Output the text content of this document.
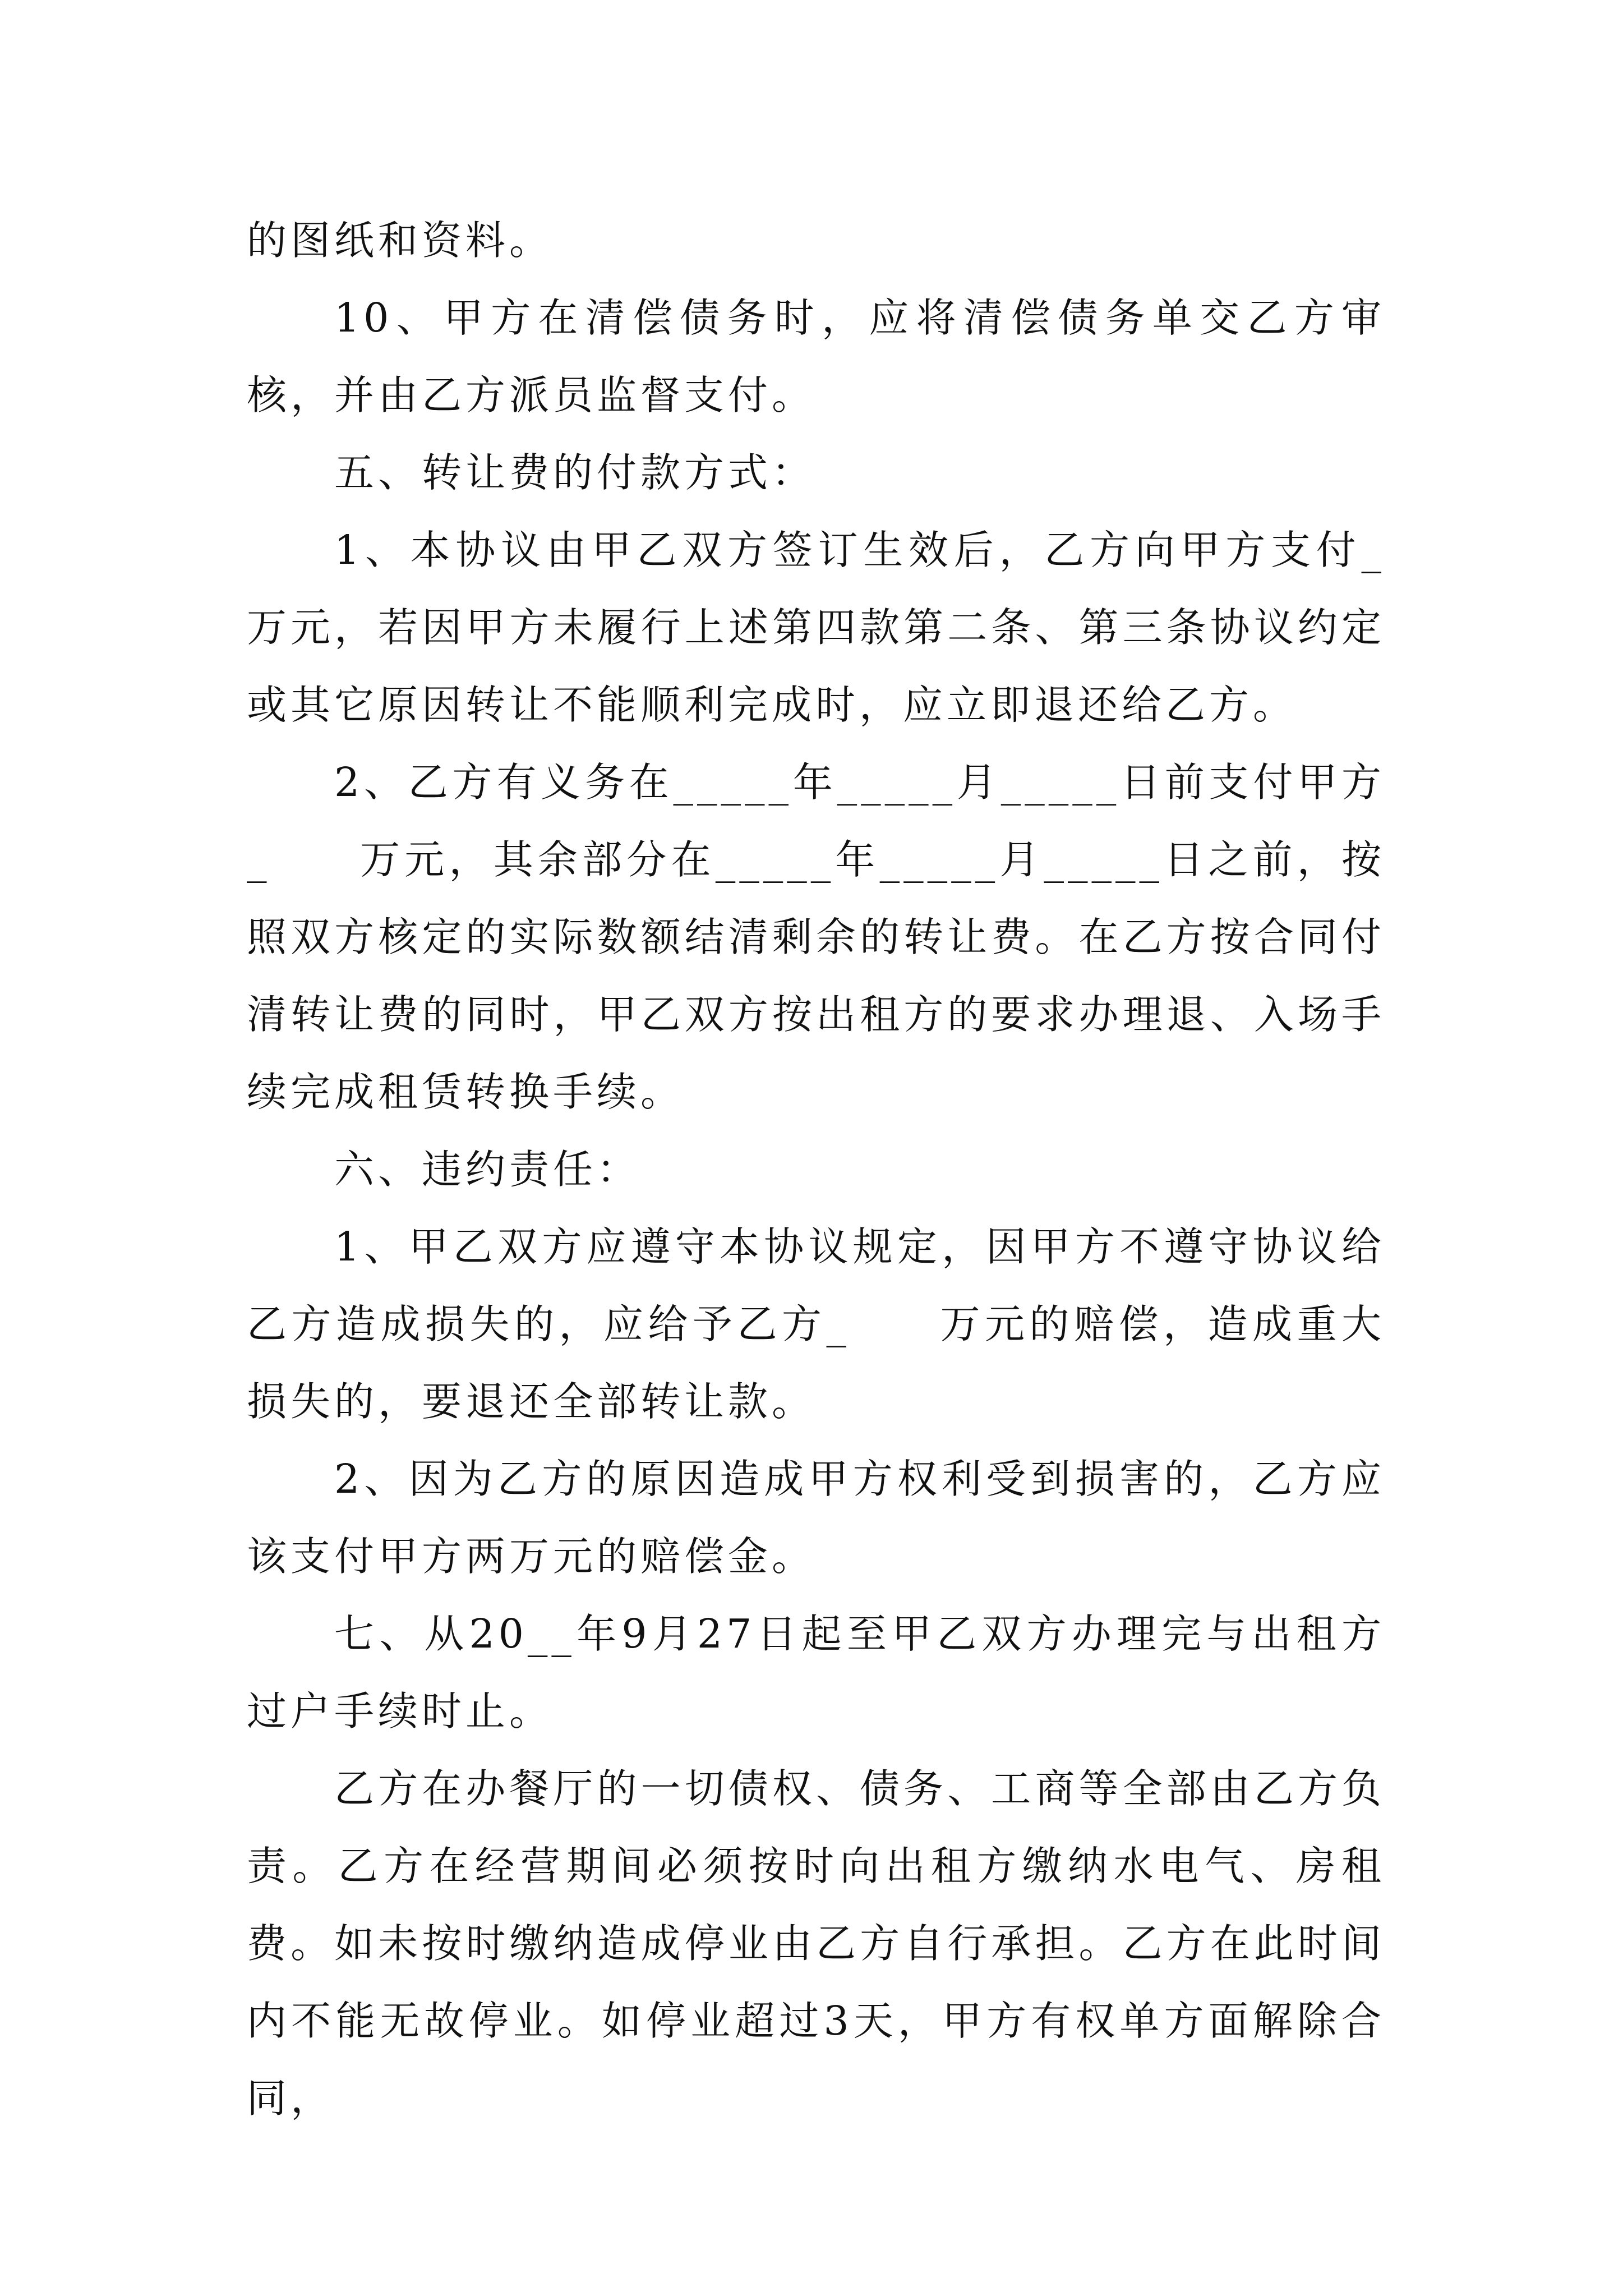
的图纸和资料。

10、甲方在清偿债务时，应将清偿债务单交乙方审核，并由乙方派员监督支付。

五、转让费的付款方式：

1、本协议由甲乙双方签订生效后，乙方向甲方支付_万元，若因甲方未履行上述第四款第二条、第三条协议约定或其它原因转让不能顺利完成时，应立即退还给乙方。

2、乙方有义务在_____年_____月_____日前支付甲方_　　万元，其余部分在_____年_____月_____日之前，按照双方核定的实际数额结清剩余的转让费。在乙方按合同付清转让费的同时，甲乙双方按出租方的要求办理退、入场手续完成租赁转换手续。

六、违约责任：

1、甲乙双方应遵守本协议规定，因甲方不遵守协议给乙方造成损失的，应给予乙方_　　万元的赔偿，造成重大损失的，要退还全部转让款。

2、因为乙方的原因造成甲方权利受到损害的，乙方应该支付甲方两万元的赔偿金。

七、从20__年9月27日起至甲乙双方办理完与出租方过户手续时止。

乙方在办餐厅的一切债权、债务、工商等全部由乙方负责。乙方在经营期间必须按时向出租方缴纳水电气、房租费。如未按时缴纳造成停业由乙方自行承担。乙方在此时间内不能无故停业。如停业超过3天，甲方有权单方面解除合同，
